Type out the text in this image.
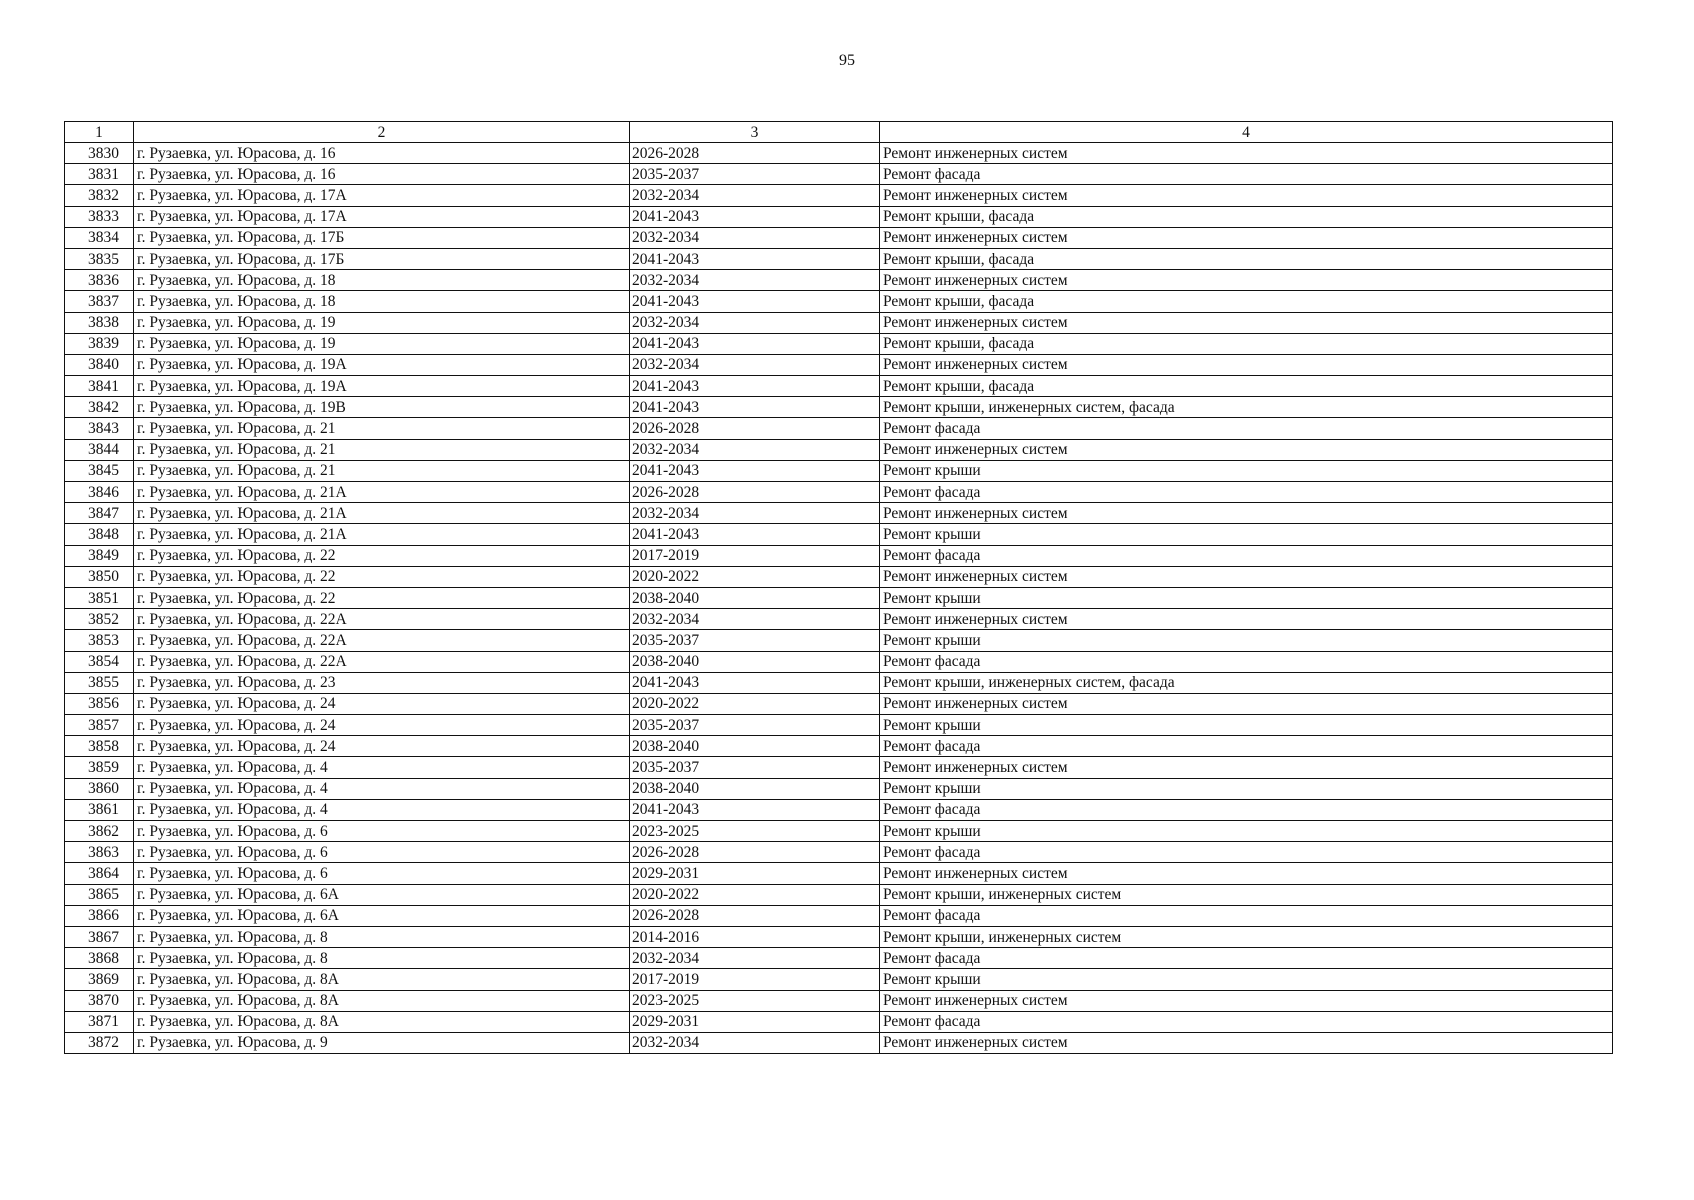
95
1	2	3	4
3830	г. Рузаевка, ул. Юрасова, д. 16	2026-2028	Ремонт инженерных систем
3831	г. Рузаевка, ул. Юрасова, д. 16	2035-2037	Ремонт фасада
3832	г. Рузаевка, ул. Юрасова, д. 17А	2032-2034	Ремонт инженерных систем
3833	г. Рузаевка, ул. Юрасова, д. 17А	2041-2043	Ремонт крыши, фасада
3834	г. Рузаевка, ул. Юрасова, д. 17Б	2032-2034	Ремонт инженерных систем
3835	г. Рузаевка, ул. Юрасова, д. 17Б	2041-2043	Ремонт крыши, фасада
3836	г. Рузаевка, ул. Юрасова, д. 18	2032-2034	Ремонт инженерных систем
3837	г. Рузаевка, ул. Юрасова, д. 18	2041-2043	Ремонт крыши, фасада
3838	г. Рузаевка, ул. Юрасова, д. 19	2032-2034	Ремонт инженерных систем
3839	г. Рузаевка, ул. Юрасова, д. 19	2041-2043	Ремонт крыши, фасада
3840	г. Рузаевка, ул. Юрасова, д. 19А	2032-2034	Ремонт инженерных систем
3841	г. Рузаевка, ул. Юрасова, д. 19А	2041-2043	Ремонт крыши, фасада
3842	г. Рузаевка, ул. Юрасова, д. 19В	2041-2043	Ремонт крыши, инженерных систем, фасада
3843	г. Рузаевка, ул. Юрасова, д. 21	2026-2028	Ремонт фасада
3844	г. Рузаевка, ул. Юрасова, д. 21	2032-2034	Ремонт инженерных систем
3845	г. Рузаевка, ул. Юрасова, д. 21	2041-2043	Ремонт крыши
3846	г. Рузаевка, ул. Юрасова, д. 21А	2026-2028	Ремонт фасада
3847	г. Рузаевка, ул. Юрасова, д. 21А	2032-2034	Ремонт инженерных систем
3848	г. Рузаевка, ул. Юрасова, д. 21А	2041-2043	Ремонт крыши
3849	г. Рузаевка, ул. Юрасова, д. 22	2017-2019	Ремонт фасада
3850	г. Рузаевка, ул. Юрасова, д. 22	2020-2022	Ремонт инженерных систем
3851	г. Рузаевка, ул. Юрасова, д. 22	2038-2040	Ремонт крыши
3852	г. Рузаевка, ул. Юрасова, д. 22А	2032-2034	Ремонт инженерных систем
3853	г. Рузаевка, ул. Юрасова, д. 22А	2035-2037	Ремонт крыши
3854	г. Рузаевка, ул. Юрасова, д. 22А	2038-2040	Ремонт фасада
3855	г. Рузаевка, ул. Юрасова, д. 23	2041-2043	Ремонт крыши, инженерных систем, фасада
3856	г. Рузаевка, ул. Юрасова, д. 24	2020-2022	Ремонт инженерных систем
3857	г. Рузаевка, ул. Юрасова, д. 24	2035-2037	Ремонт крыши
3858	г. Рузаевка, ул. Юрасова, д. 24	2038-2040	Ремонт фасада
3859	г. Рузаевка, ул. Юрасова, д. 4	2035-2037	Ремонт инженерных систем
3860	г. Рузаевка, ул. Юрасова, д. 4	2038-2040	Ремонт крыши
3861	г. Рузаевка, ул. Юрасова, д. 4	2041-2043	Ремонт фасада
3862	г. Рузаевка, ул. Юрасова, д. 6	2023-2025	Ремонт крыши
3863	г. Рузаевка, ул. Юрасова, д. 6	2026-2028	Ремонт фасада
3864	г. Рузаевка, ул. Юрасова, д. 6	2029-2031	Ремонт инженерных систем
3865	г. Рузаевка, ул. Юрасова, д. 6А	2020-2022	Ремонт крыши, инженерных систем
3866	г. Рузаевка, ул. Юрасова, д. 6А	2026-2028	Ремонт фасада
3867	г. Рузаевка, ул. Юрасова, д. 8	2014-2016	Ремонт крыши, инженерных систем
3868	г. Рузаевка, ул. Юрасова, д. 8	2032-2034	Ремонт фасада
3869	г. Рузаевка, ул. Юрасова, д. 8А	2017-2019	Ремонт крыши
3870	г. Рузаевка, ул. Юрасова, д. 8А	2023-2025	Ремонт инженерных систем
3871	г. Рузаевка, ул. Юрасова, д. 8А	2029-2031	Ремонт фасада
3872	г. Рузаевка, ул. Юрасова, д. 9	2032-2034	Ремонт инженерных систем
